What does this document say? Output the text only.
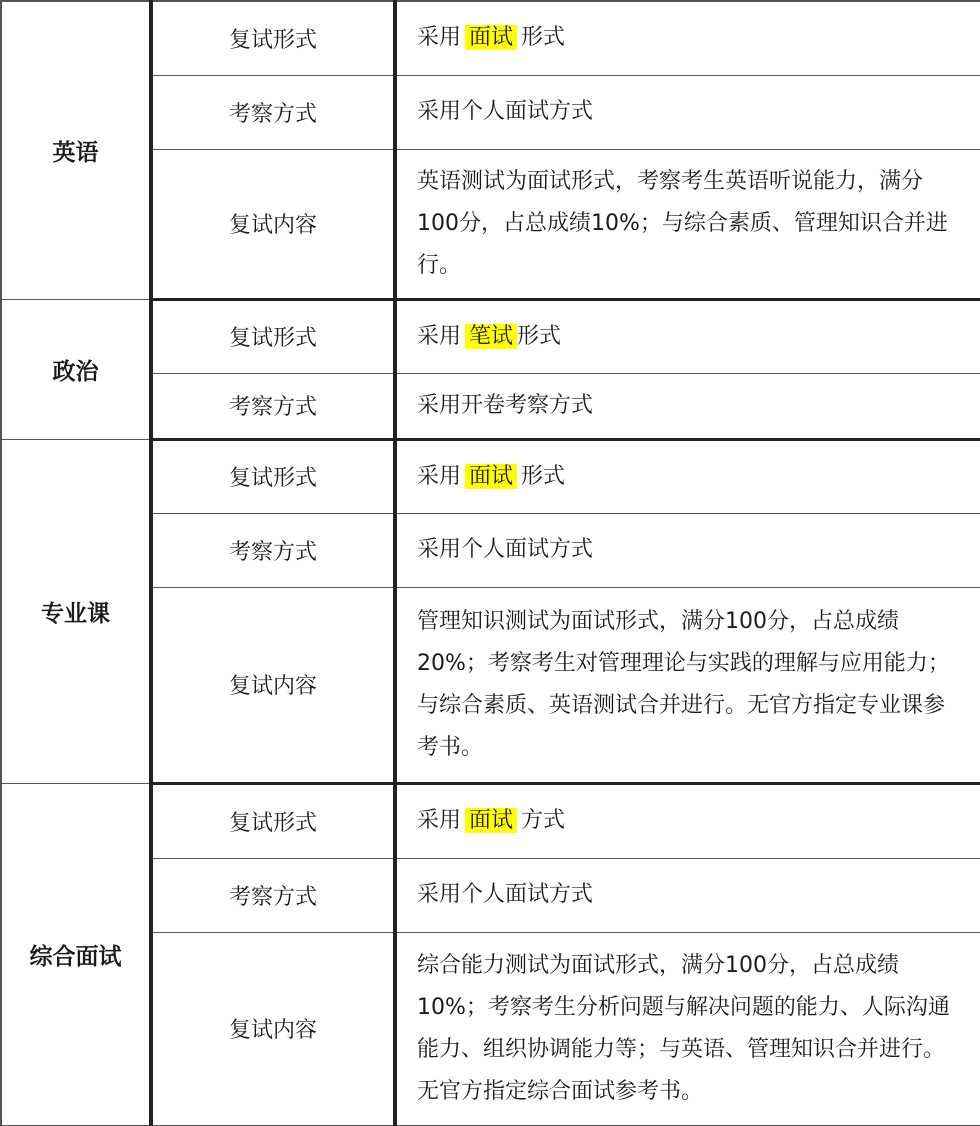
英语	复试形式	采用 面试 形式
	考察方式	采用个人面试方式
	复试内容	英语测试为面试形式，考察考生英语听说能力，满分100分，占总成绩10%；与综合素质、管理知识合并进行。
政治	复试形式	采用 笔试 形式
	考察方式	采用开卷考察方式
专业课	复试形式	采用 面试 形式
	考察方式	采用个人面试方式
	复试内容	管理知识测试为面试形式，满分100分，占总成绩20%；考察考生对管理理论与实践的理解与应用能力；与综合素质、英语测试合并进行。无官方指定专业课参考书。
综合面试	复试形式	采用 面试 方式
	考察方式	采用个人面试方式
	复试内容	综合能力测试为面试形式，满分100分，占总成绩10%；考察考生分析问题与解决问题的能力、人际沟通能力、组织协调能力等；与英语、管理知识合并进行。无官方指定综合面试参考书。
